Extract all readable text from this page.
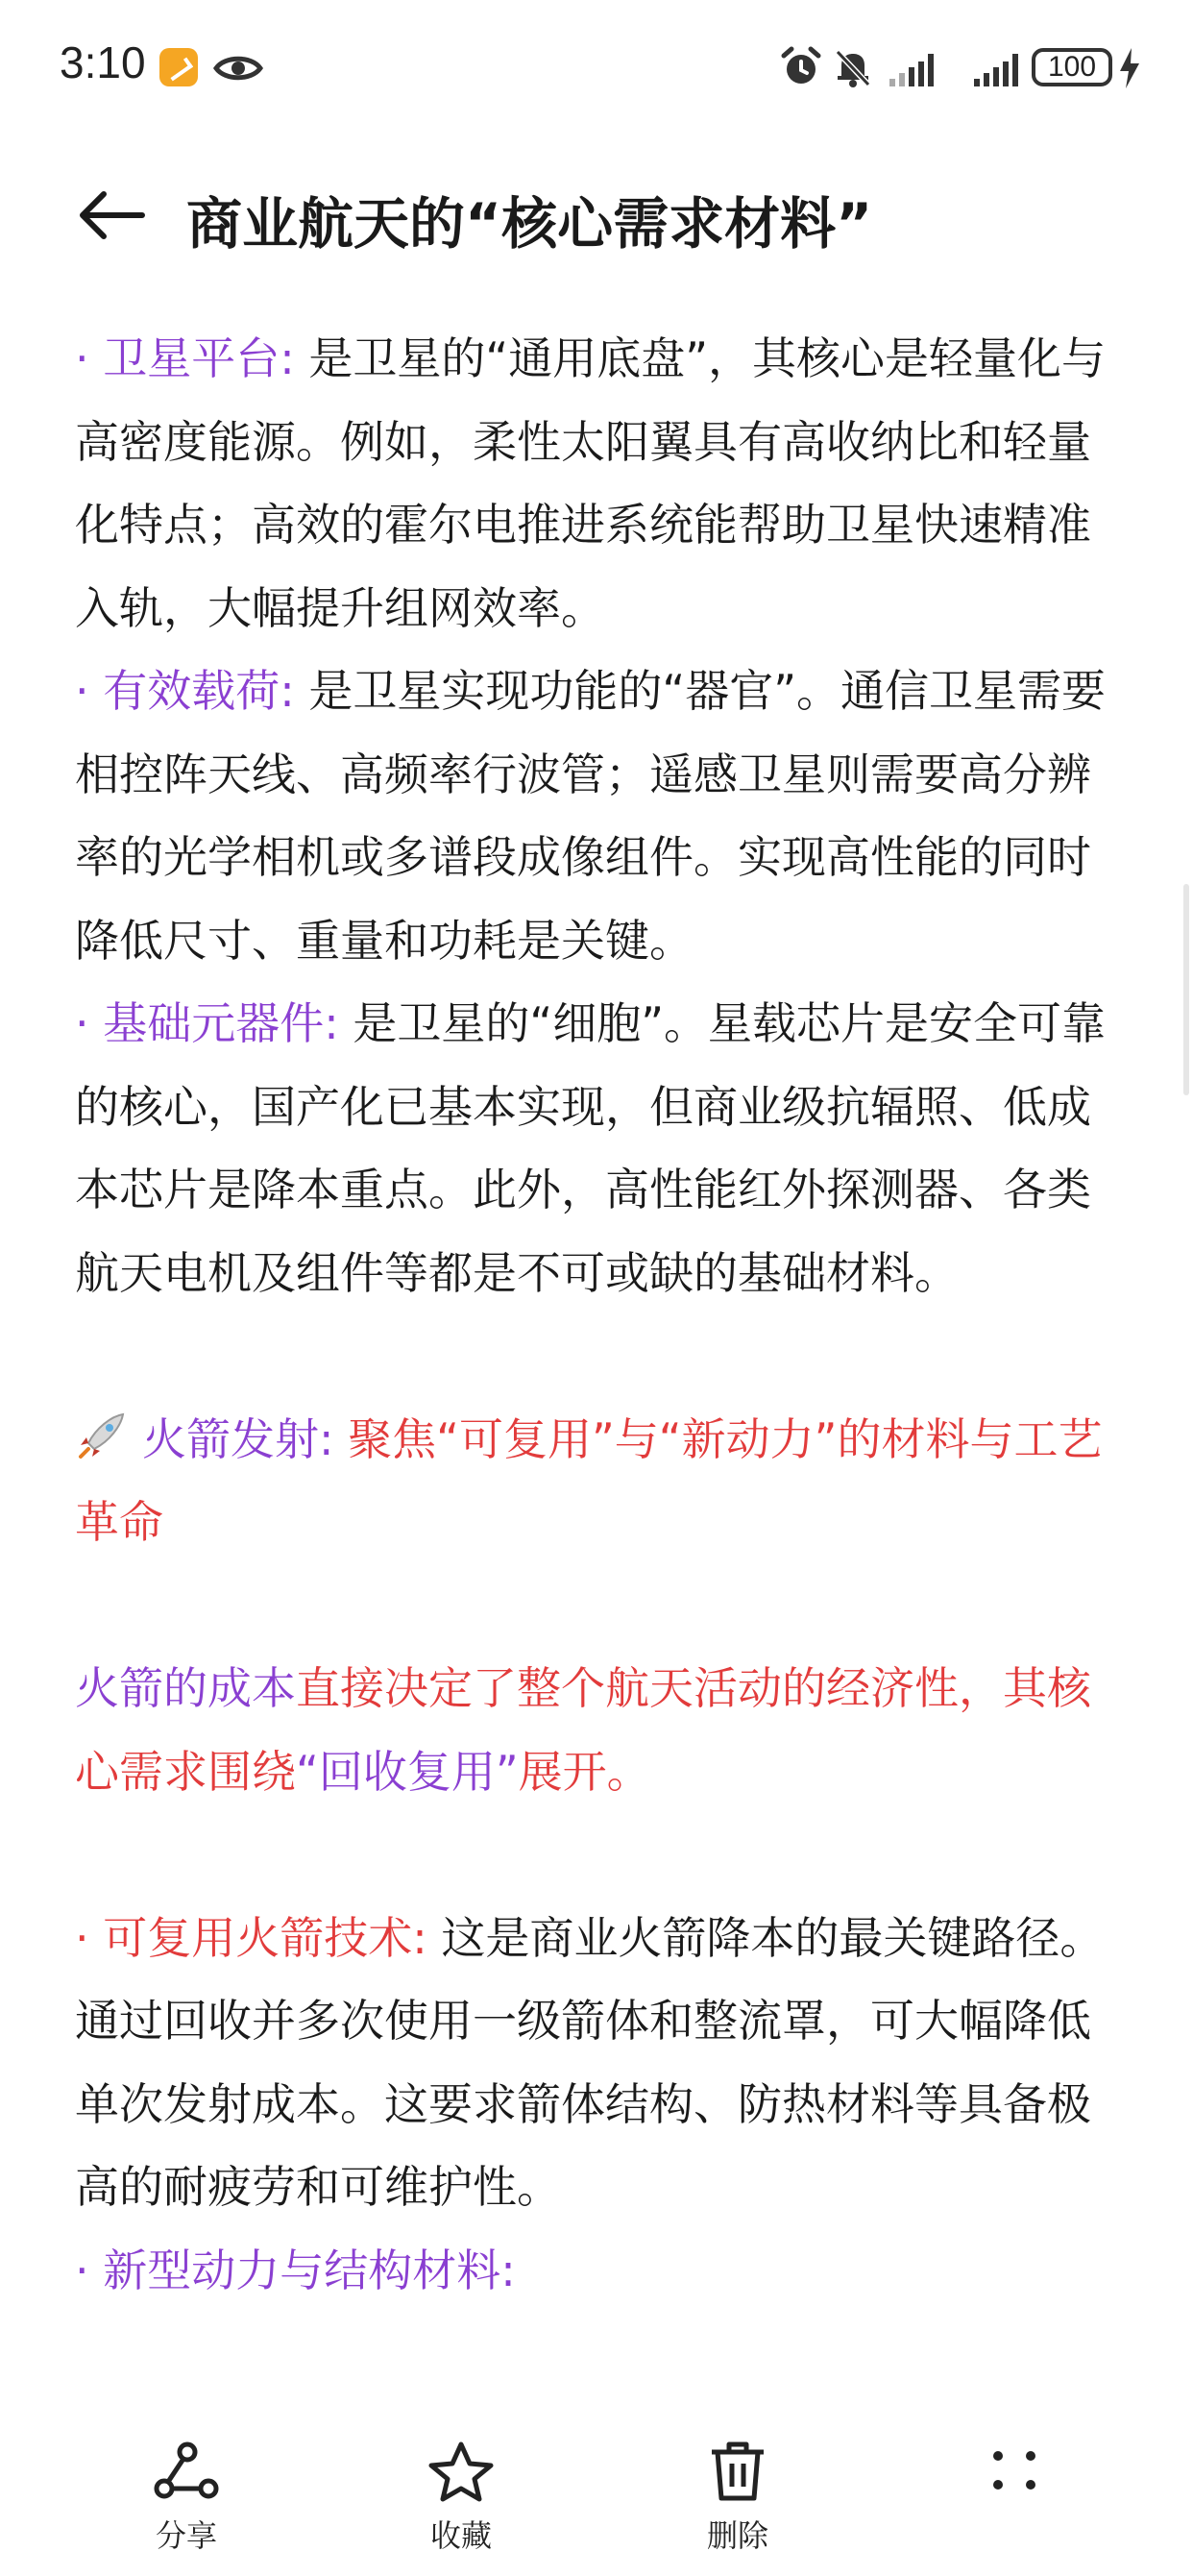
3:10	100
商业航天的“核心需求材料”

· 卫星平台: 是卫星的“通用底盘”，其核心是轻量化与高密度能源。例如，柔性太阳翼具有高收纳比和轻量化特点；高效的霍尔电推进系统能帮助卫星快速精准入轨，大幅提升组网效率。

· 有效载荷: 是卫星实现功能的“器官”。通信卫星需要相控阵天线、高频率行波管；遥感卫星则需要高分辨率的光学相机或多谱段成像组件。实现高性能的同时降低尺寸、重量和功耗是关键。

· 基础元器件: 是卫星的“细胞”。星载芯片是安全可靠的核心，国产化已基本实现，但商业级抗辐照、低成本芯片是降本重点。此外，高性能红外探测器、各类航天电机及组件等都是不可或缺的基础材料。

火箭发射: 聚焦“可复用”与“新动力”的材料与工艺革命

火箭的成本直接决定了整个航天活动的经济性，其核心需求围绕“回收复用”展开。

· 可复用火箭技术: 这是商业火箭降本的最关键路径。通过回收并多次使用一级箭体和整流罩，可大幅降低单次发射成本。这要求箭体结构、防热材料等具备极高的耐疲劳和可维护性。

· 新型动力与结构材料:

分享	收藏	删除
